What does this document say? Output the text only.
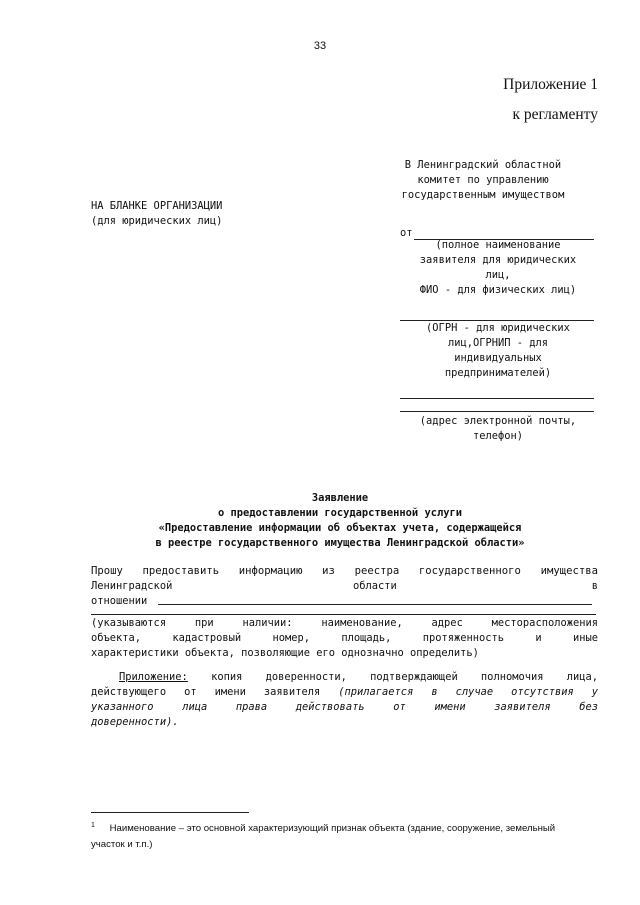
33
Приложение 1
к регламенту
В Ленинградский областной
комитет по управлению
государственным имуществом
НА БЛАНКЕ ОРГАНИЗАЦИИ
(для юридических лиц)
от
(полное наименование
заявителя для юридических
лиц,
ФИО - для физических лиц)
(ОГРН - для юридических
лиц,ОГРНИП - для
индивидуальных
предпринимателей)
(адрес электронной почты,
телефон)
Заявление
о предоставлении государственной услуги
«Предоставление информации об объектах учета, содержащейся
в реестре государственного имущества Ленинградской области»
Прошу предоставить информацию из реестра государственного имущества
Ленинградской	области	в
отношении
(указываются при наличии: наименование, адрес месторасположения
объекта, кадастровый номер, площадь, протяженность и иные
характеристики объекта, позволяющие его однозначно определить)
Приложение: копия доверенности, подтверждающей полномочия лица,
действующего от имени заявителя (прилагается в случае отсутствия у
указанного лица права действовать от имени заявителя без
доверенности).
$^1$ Наименование – это основной характеризующий признак объекта (здание, сооружение, земельный
участок и т.п.)
